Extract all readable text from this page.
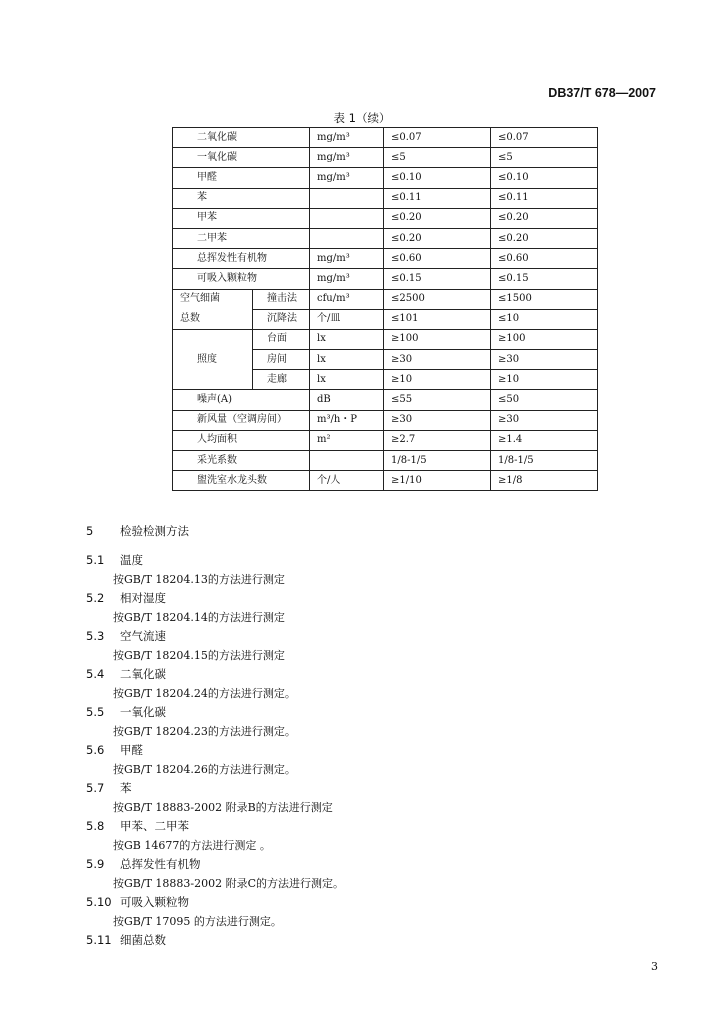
DB37/T 678—2007
表 1（续）
二氧化碳		mg/m³	≤0.07	≤0.07
一氧化碳		mg/m³	≤5	≤5
甲醛		mg/m³	≤0.10	≤0.10
苯			≤0.11	≤0.11
甲苯			≤0.20	≤0.20
二甲苯			≤0.20	≤0.20
总挥发性有机物		mg/m³	≤0.60	≤0.60
可吸入颗粒物		mg/m³	≤0.15	≤0.15
空气细菌	撞击法	cfu/m³	≤2500	≤1500
总数	沉降法	个/皿	≤101	≤10
照度	台面	lx	≥100	≥100
	房间	lx	≥30	≥30
	走廊	lx	≥10	≥10
噪声(A)		dB	≤55	≤50
新风量（空调房间）		m³/h・P	≥30	≥30
人均面积		m²	≥2.7	≥1.4
采光系数			1/8-1/5	1/8-1/5
盥洗室水龙头数		个/人	≥1/10	≥1/8
5 检验检测方法
5.1 温度
按GB/T 18204.13的方法进行测定
5.2 相对湿度
按GB/T 18204.14的方法进行测定
5.3 空气流速
按GB/T 18204.15的方法进行测定
5.4 二氧化碳
按GB/T 18204.24的方法进行测定。
5.5 一氧化碳
按GB/T 18204.23的方法进行测定。
5.6 甲醛
按GB/T 18204.26的方法进行测定。
5.7 苯
按GB/T 18883-2002 附录B的方法进行测定
5.8 甲苯、二甲苯
按GB 14677的方法进行测定 。
5.9 总挥发性有机物
按GB/T 18883-2002 附录C的方法进行测定。
5.10 可吸入颗粒物
按GB/T 17095 的方法进行测定。
5.11 细菌总数
3
